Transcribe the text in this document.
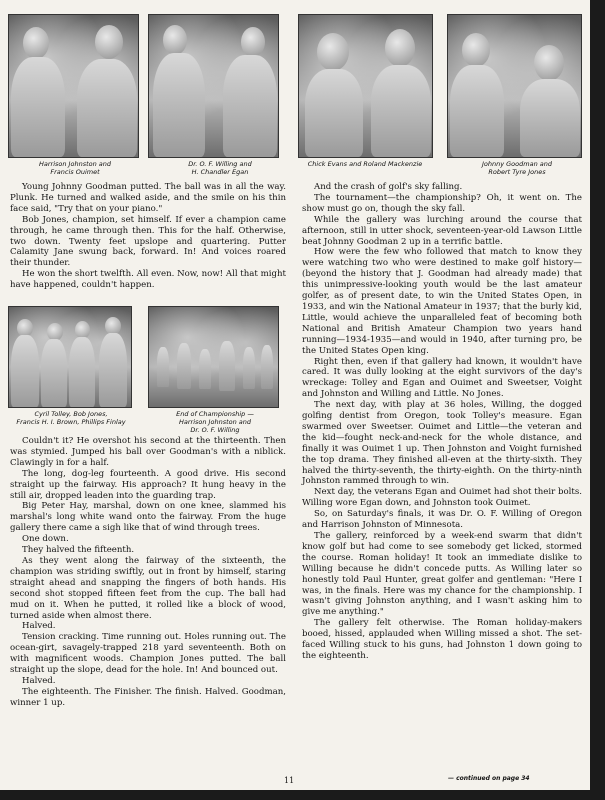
Harrison Johnston and
Francis Ouimet
Dr. O. F. Willing and
H. Chandler Egan
Chick Evans and Roland Mackenzie	Johnny Goodman and
Robert Tyre Jones

Young Johnny Goodman putted. The ball was in all the way. Plunk. He turned and walked aside, and the smile on his thin face said, "Try that on your piano."

Bob Jones, champion, set himself. If ever a champion came through, he came through then. This for the half. Otherwise, two down. Twenty feet upslope and quartering. Putter Calamity Jane swung back, forward. In! And voices roared their thunder.

He won the short twelfth. All even. Now, now! All that might have happened, couldn't happen.

Cyril Tolley, Bob Jones,
Francis H. I. Brown, Phillips Finlay
End of Championship —
Harrison Johnston and
Dr. O. F. Willing

Couldn't it? He overshot his second at the thirteenth. Then was stymied. Jumped his ball over Goodman's with a niblick. Clawingly in for a half.

The long, dog-leg fourteenth. A good drive. His second straight up the fairway. His approach? It hung heavy in the still air, dropped leaden into the guarding trap.

Big Peter Hay, marshal, down on one knee, slammed his marshal's long white wand onto the fairway. From the huge gallery there came a sigh like that of wind through trees.

One down.

They halved the fifteenth.

As they went along the fairway of the sixteenth, the champion was striding swiftly, out in front by himself, staring straight ahead and snapping the fingers of both hands. His second shot stopped fifteen feet from the cup. The ball had mud on it. When he putted, it rolled like a block of wood, turned aside when almost there.

Halved.

Tension cracking. Time running out. Holes running out. The ocean-girt, savagely-trapped 218 yard seventeenth. Both on with magnificent woods. Champion Jones putted. The ball straight up the slope, dead for the hole. In! And bounced out.

Halved.

The eighteenth. The Finisher. The finish. Halved. Goodman, winner 1 up.

And the crash of golf's sky falling.

The tournament—the championship? Oh, it went on. The show must go on, though the sky fall.

While the gallery was lurching around the course that afternoon, still in utter shock, seventeen-year-old Lawson Little beat Johnny Goodman 2 up in a terrific battle.

How were the few who followed that match to know they were watching two who were destined to make golf history—(beyond the history that J. Goodman had already made) that this unimpressive-looking youth would be the last amateur golfer, as of present date, to win the United States Open, in 1933, and win the National Amateur in 1937; that the burly kid, Little, would achieve the unparalleled feat of becoming both National and British Amateur Champion two years hand running—1934-1935—and would in 1940, after turning pro, be the United States Open king.

Right then, even if that gallery had known, it wouldn't have cared. It was dully looking at the eight survivors of the day's wreckage: Tolley and Egan and Ouimet and Sweetser, Voight and Johnston and Willing and Little. No Jones.

The next day, with play at 36 holes, Willing, the dogged golfing dentist from Oregon, took Tolley's measure. Egan swarmed over Sweetser. Ouimet and Little—the veteran and the kid—fought neck-and-neck for the whole distance, and finally it was Ouimet 1 up. Then Johnston and Voight furnished the top drama. They finished all-even at the thirty-sixth. They halved the thirty-seventh, the thirty-eighth. On the thirty-ninth Johnston rammed through to win.

Next day, the veterans Egan and Ouimet had shot their bolts. Willing wore Egan down, and Johnston took Ouimet.

So, on Saturday's finals, it was Dr. O. F. Willing of Oregon and Harrison Johnston of Minnesota.

The gallery, reinforced by a week-end swarm that didn't know golf but had come to see somebody get licked, stormed the course. Roman holiday! It took an immediate dislike to Willing because he didn't concede putts. As Willing later so honestly told Paul Hunter, great golfer and gentleman: "Here I was, in the finals. Here was my chance for the championship. I wasn't giving Johnston anything, and I wasn't asking him to give me anything."

The gallery felt otherwise. The Roman holiday-makers booed, hissed, applauded when Willing missed a shot. The set-faced Willing stuck to his guns, had Johnston 1 down going to the eighteenth.

11	— continued on page 34
